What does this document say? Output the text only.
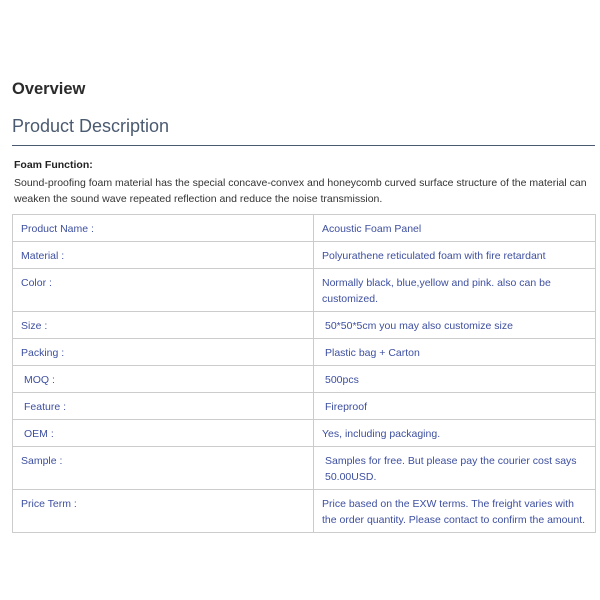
Overview
Product Description
Foam Function:
Sound-proofing foam material has the special concave-convex and honeycomb curved surface structure of the material can weaken the sound wave repeated reflection and reduce the noise transmission.
Product Name :	Acoustic Foam Panel
Material :	Polyurathene reticulated foam with fire retardant
Color :	Normally black, blue,yellow and pink. also can be customized.
Size :	50*50*5cm you may also customize size
Packing :	Plastic bag + Carton
MOQ :	500pcs
Feature :	Fireproof
OEM :	Yes, including packaging.
Sample :	Samples for free. But please pay the courier cost says 50.00USD.
Price Term :	Price based on the EXW terms. The freight varies with the order quantity. Please contact to confirm the amount.
